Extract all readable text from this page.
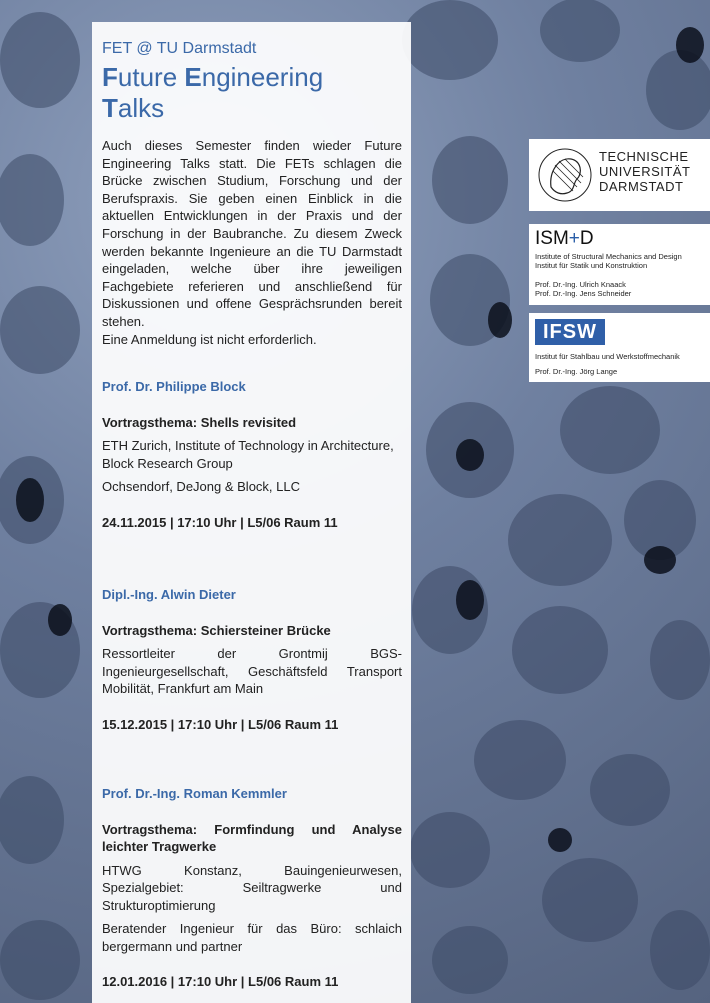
FET @ TU Darmstadt
Future Engineering
Talks

Auch dieses Semester finden wieder Future Engineering Talks statt. Die FETs schlagen die Brücke zwischen Studium, Forschung und der Berufspraxis. Sie geben einen Einblick in die aktuellen Entwicklungen in der Praxis und der Forschung in der Baubranche. Zu diesem Zweck werden bekannte Ingenieure an die TU Darmstadt eingeladen, welche über ihre jeweiligen Fachgebiete referieren und anschließend für Diskussionen und offene Gesprächsrunden bereit stehen.

Eine Anmeldung ist nicht erforderlich.

Prof. Dr. Philippe Block
Vortragsthema: Shells revisited
ETH Zurich, Institute of Technology in Architecture, Block Research Group
Ochsendorf, DeJong & Block, LLC
24.11.2015 | 17:10 Uhr | L5/06 Raum 11
Dipl.-Ing. Alwin Dieter
Vortragsthema: Schiersteiner Brücke
Ressortleiter der Grontmij BGS-Ingenieurgesellschaft, Geschäftsfeld Transport Mobilität, Frankfurt am Main
15.12.2015 | 17:10 Uhr | L5/06 Raum 11
Prof. Dr.-Ing. Roman Kemmler
Vortragsthema: Formfindung und Analyse leichter Tragwerke
HTWG Konstanz, Bauingenieurwesen, Spezialgebiet: Seiltragwerke und Strukturoptimierung
Beratender Ingenieur für das Büro: schlaich bergermann und partner
12.01.2016 | 17:10 Uhr | L5/06 Raum 11
TECHNISCHE
UNIVERSITÄT
DARMSTADT
ISM+D
Institute of Structural Mechanics and Design
Institut für Statik und Konstruktion
Prof. Dr.-Ing. Ulrich Knaack
Prof. Dr.-Ing. Jens Schneider
IFSW
Institut für Stahlbau und Werkstoffmechanik
Prof. Dr.-Ing. Jörg Lange
